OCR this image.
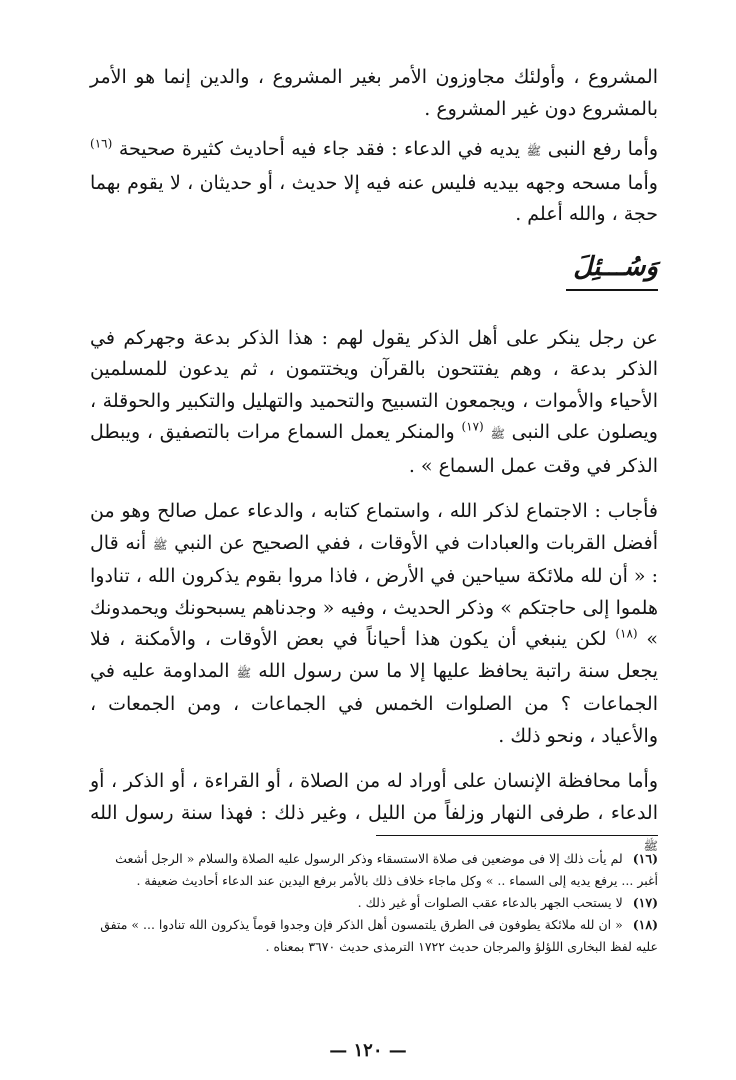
المشروع ، وأولئك مجاوزون الأمر بغير المشروع ، والدين إنما هو الأمر بالمشروع دون غير المشروع .

وأما رفع النبى ﷺ يديه في الدعاء : فقد جاء فيه أحاديث كثيرة صحيحة $^{(١٦)}$ وأما مسحه وجهه بيديه فليس عنه فيه إلا حديث ، أو حديثان ، لا يقوم بهما حجة ، والله أعلم .

وَسُـــئِلَ

عن رجل ينكر على أهل الذكر يقول لهم : هذا الذكر بدعة وجهركم في الذكر بدعة ، وهم يفتتحون بالقرآن ويختتمون ، ثم يدعون للمسلمين الأحياء والأموات ، ويجمعون التسبيح والتحميد والتهليل والتكبير والحوقلة ، ويصلون على النبى ﷺ $^{(١٧)}$ والمنكر يعمل السماع مرات بالتصفيق ، ويبطل الذكر في وقت عمل السماع » .

فأجاب : الاجتماع لذكر الله ، واستماع كتابه ، والدعاء عمل صالح وهو من أفضل القربات والعبادات في الأوقات ، ففي الصحيح عن النبي ﷺ أنه قال : « أن لله ملائكة سياحين في الأرض ، فاذا مروا بقوم يذكرون الله ، تنادوا هلموا إلى حاجتكم » وذكر الحديث ، وفيه « وجدناهم يسبحونك ويحمدونك » $^{(١٨)}$ لكن ينبغي أن يكون هذا أحياناً في بعض الأوقات ، والأمكنة ، فلا يجعل سنة راتبة يحافظ عليها إلا ما سن رسول الله ﷺ المداومة عليه في الجماعات ؟ من الصلوات الخمس في الجماعات ، ومن الجمعات ، والأعياد ، ونحو ذلك .

وأما محافظة الإنسان على أوراد له من الصلاة ، أو القراءة ، أو الذكر ، أو الدعاء ، طرفى النهار وزلفاً من الليل ، وغير ذلك : فهذا سنة رسول الله ﷺ

(١٦) لم يأت ذلك إلا فى موضعين فى صلاة الاستسقاء وذكر الرسول عليه الصلاة والسلام « الرجل أشعث أغبر ... يرفع يديه إلى السماء .. » وكل ماجاء خلاف ذلك بالأمر برفع اليدين عند الدعاء أحاديث ضعيفة .

(١٧) لا يستحب الجهر بالدعاء عقب الصلوات أو غير ذلك .

(١٨) « ان لله ملائكة يطوفون فى الطرق يلتمسون أهل الذكر فإن وجدوا قوماً يذكرون الله تنادوا ... » متفق عليه لفظ البخارى اللؤلؤ والمرجان حديث ١٧٢٢ الترمذى حديث ٣٦٧٠ بمعناه .

— ١٢٠ —
